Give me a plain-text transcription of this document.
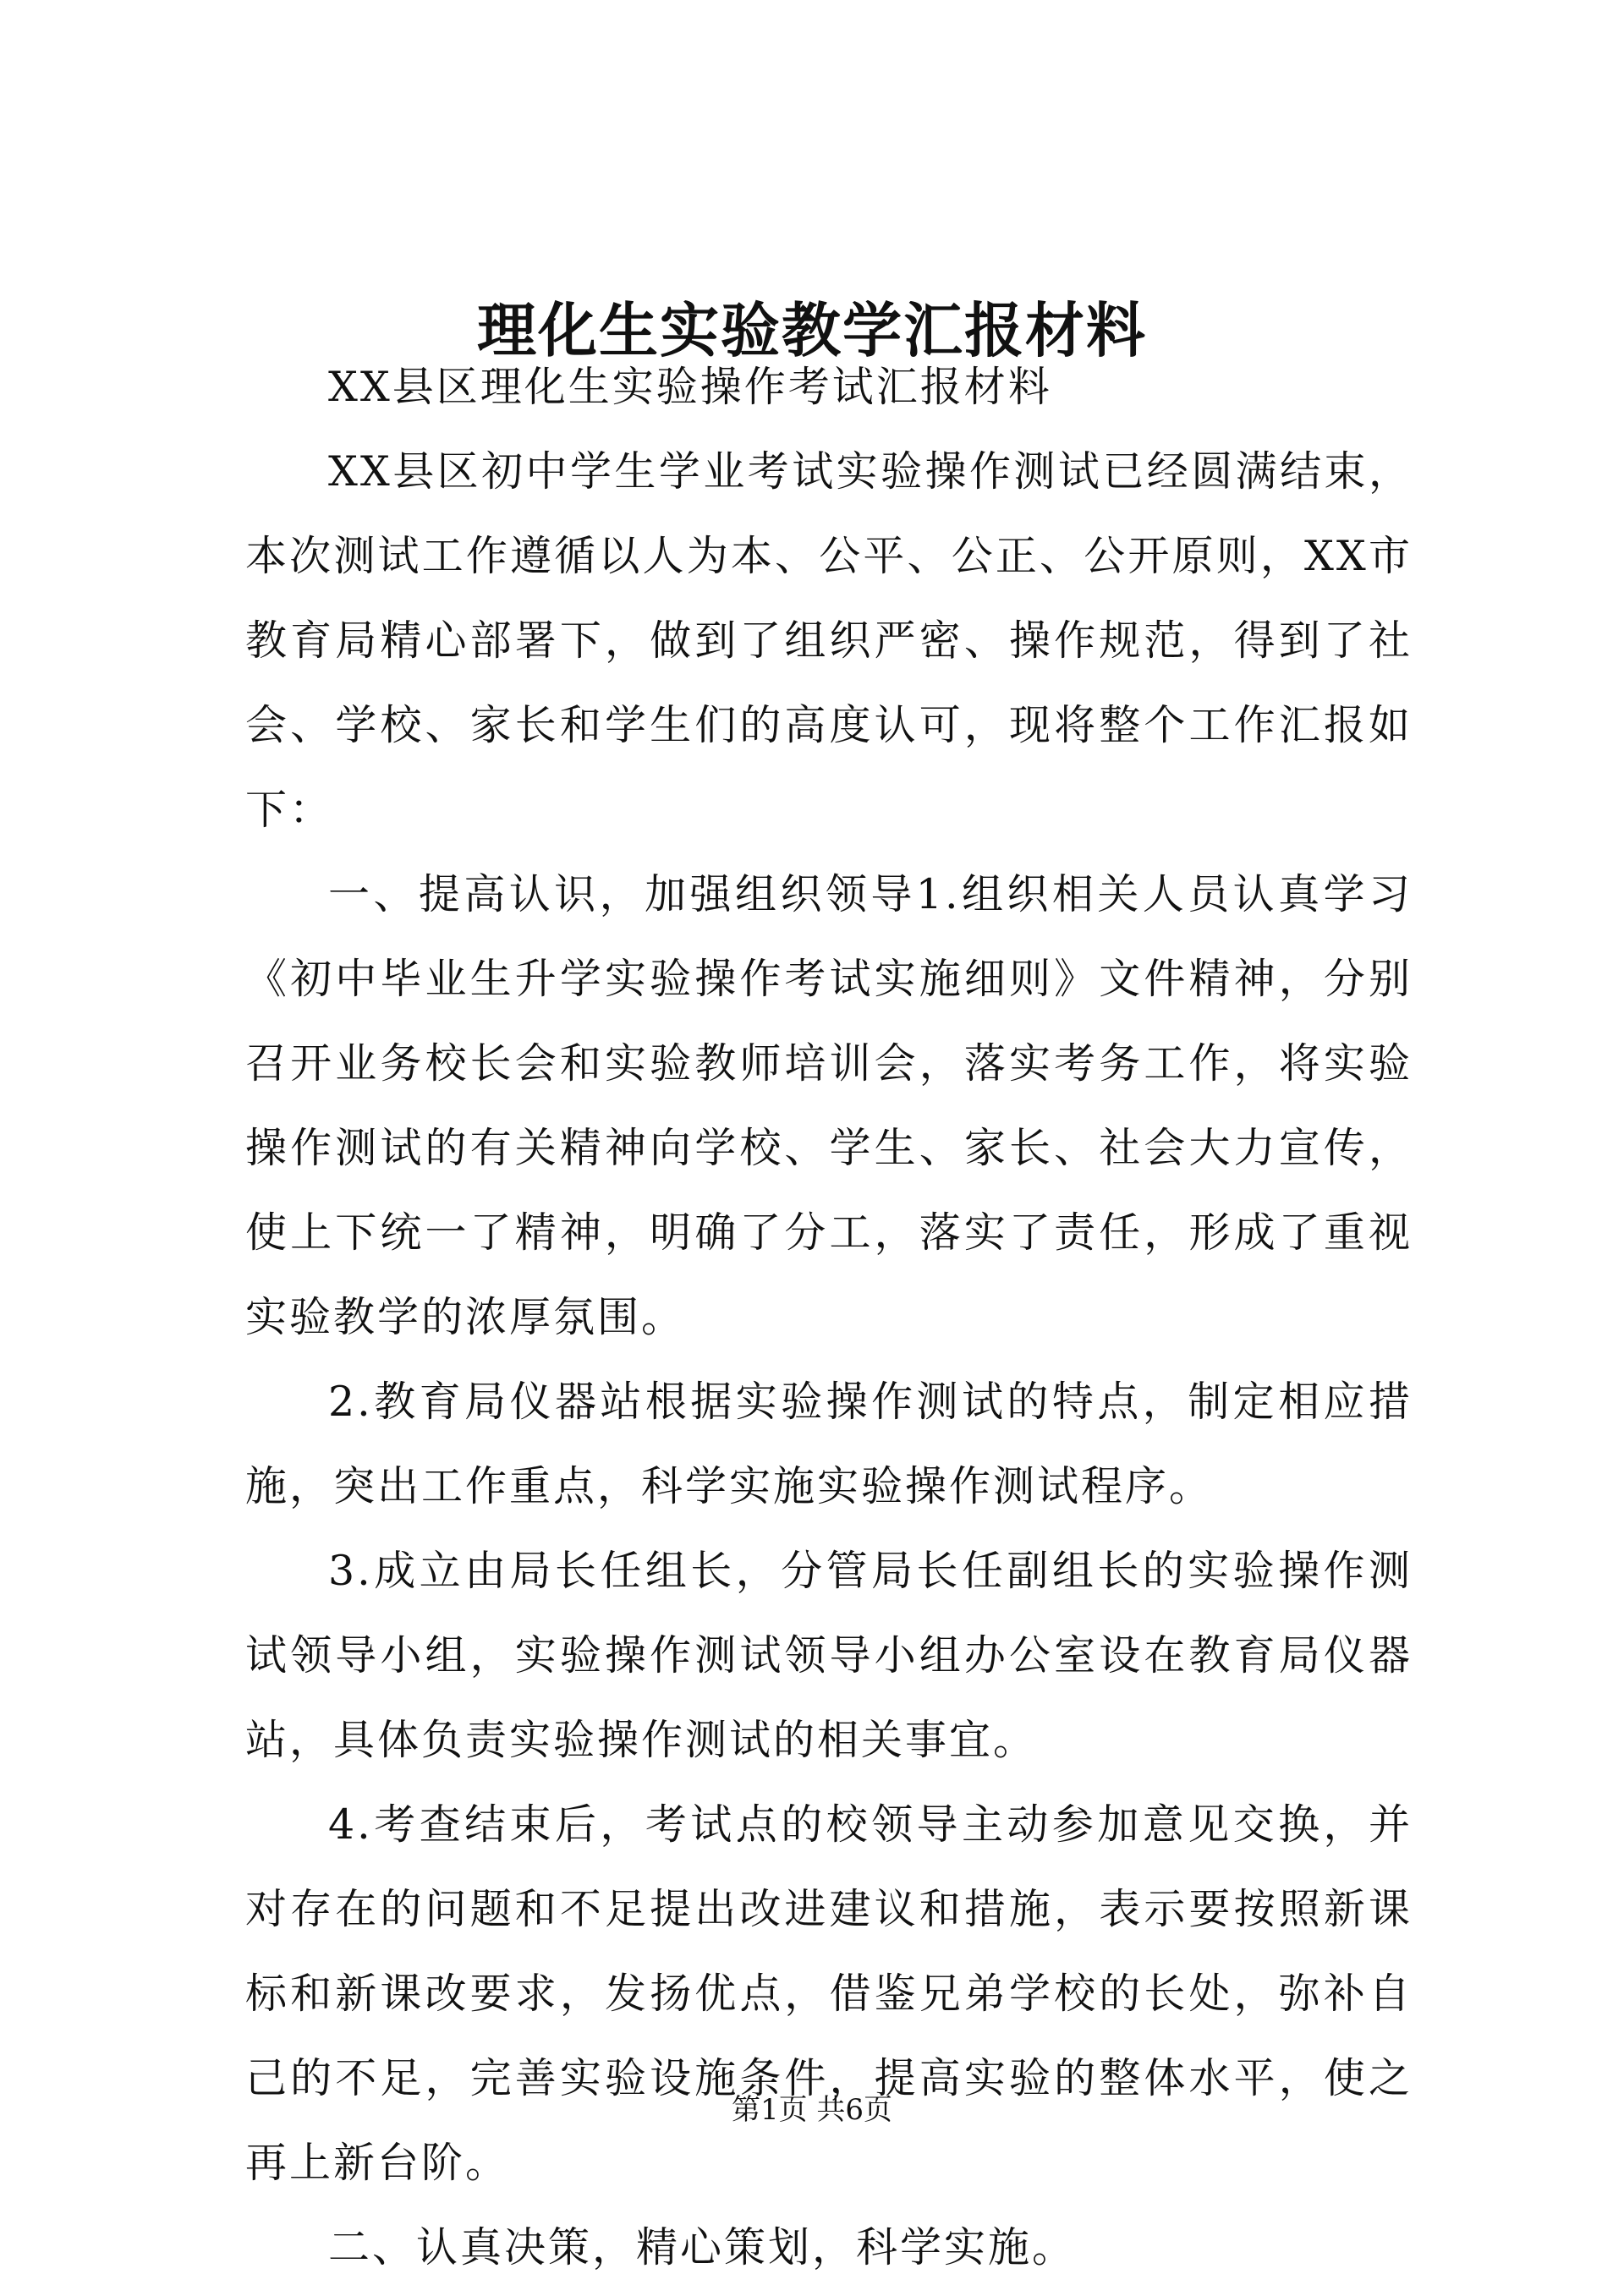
理化生实验教学汇报材料

XX县区理化生实验操作考试汇报材料

XX县区初中学生学业考试实验操作测试已经圆满结束，本次测试工作遵循以人为本、公平、公正、公开原则，XX市教育局精心部署下，做到了组织严密、操作规范，得到了社会、学校、家长和学生们的高度认可，现将整个工作汇报如下：

一、提高认识，加强组织领导1.组织相关人员认真学习《初中毕业生升学实验操作考试实施细则》文件精神，分别召开业务校长会和实验教师培训会，落实考务工作，将实验操作测试的有关精神向学校、学生、家长、社会大力宣传，使上下统一了精神，明确了分工，落实了责任，形成了重视实验教学的浓厚氛围。

2.教育局仪器站根据实验操作测试的特点，制定相应措施，突出工作重点，科学实施实验操作测试程序。

3.成立由局长任组长，分管局长任副组长的实验操作测试领导小组，实验操作测试领导小组办公室设在教育局仪器站，具体负责实验操作测试的相关事宜。

4.考查结束后，考试点的校领导主动参加意见交换，并对存在的问题和不足提出改进建议和措施，表示要按照新课标和新课改要求，发扬优点，借鉴兄弟学校的长处，弥补自己的不足，完善实验设施条件，提高实验的整体水平，使之再上新台阶。

二、认真决策，精心策划，科学实施。

第1页 共6页
